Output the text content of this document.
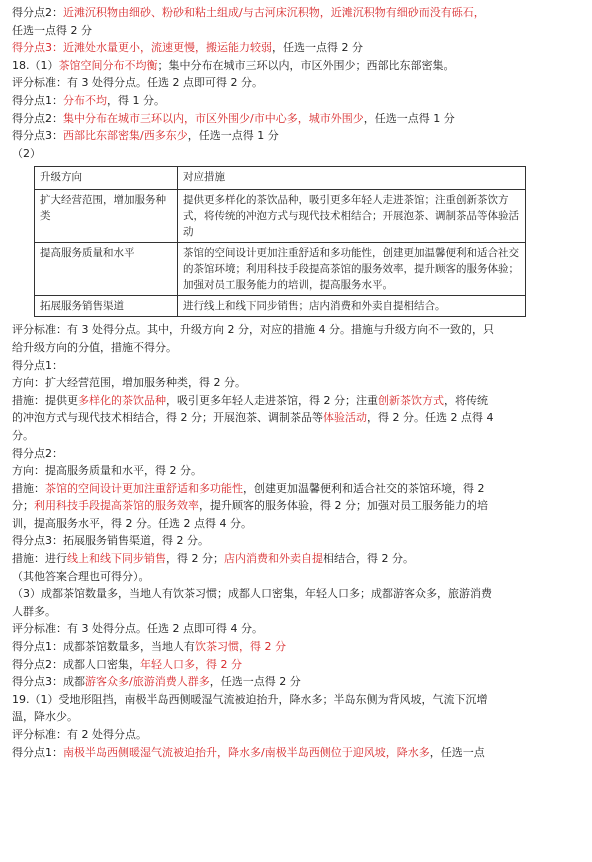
得分点2：近滩沉积物由细砂、粉砂和粘土组成/与古河床沉积物，近滩沉积物有细砂而没有砾石，
任选一点得 2 分
得分点3：近滩处水量更小，流速更慢，搬运能力较弱，任选一点得 2 分
18.（1）茶馆空间分布不均衡；集中分布在城市三环以内，市区外围少；西部比东部密集。
评分标准：有 3 处得分点。任选 2 点即可得 2 分。
得分点1：分布不均，得 1 分。
得分点2：集中分布在城市三环以内，市区外围少/市中心多，城市外围少，任选一点得 1 分
得分点3：西部比东部密集/西多东少，任选一点得 1 分
（2）
升级方向	对应措施
扩大经营范围，增加服务种类	提供更多样化的茶饮品种，吸引更多年轻人走进茶馆；注重创新茶饮方式，将传统的冲泡方式与现代技术相结合；开展泡茶、调制茶品等体验活动
提高服务质量和水平	茶馆的空间设计更加注重舒适和多功能性，创建更加温馨便利和适合社交的茶馆环境；利用科技手段提高茶馆的服务效率，提升顾客的服务体验；加强对员工服务能力的培训，提高服务水平。
拓展服务销售渠道	进行线上和线下同步销售；店内消费和外卖自提相结合。
评分标准：有 3 处得分点。其中，升级方向 2 分，对应的措施 4 分。措施与升级方向不一致的，只
给升级方向的分值，措施不得分。
得分点1：
方向：扩大经营范围，增加服务种类，得 2 分。
措施：提供更多样化的茶饮品种，吸引更多年轻人走进茶馆，得 2 分；注重创新茶饮方式，将传统
的冲泡方式与现代技术相结合，得 2 分；开展泡茶、调制茶品等体验活动，得 2 分。任选 2 点得 4
分。
得分点2：
方向：提高服务质量和水平，得 2 分。
措施：茶馆的空间设计更加注重舒适和多功能性，创建更加温馨便利和适合社交的茶馆环境，得 2
分；利用科技手段提高茶馆的服务效率，提升顾客的服务体验，得 2 分；加强对员工服务能力的培
训，提高服务水平，得 2 分。任选 2 点得 4 分。
得分点3：拓展服务销售渠道，得 2 分。
措施：进行线上和线下同步销售，得 2 分；店内消费和外卖自提相结合，得 2 分。
（其他答案合理也可得分）。
（3）成都茶馆数量多，当地人有饮茶习惯；成都人口密集，年轻人口多；成都游客众多，旅游消费
人群多。
评分标准：有 3 处得分点。任选 2 点即可得 4 分。
得分点1：成都茶馆数量多，当地人有饮茶习惯，得 2 分
得分点2：成都人口密集，年轻人口多，得 2 分
得分点3：成都游客众多/旅游消费人群多，任选一点得 2 分
19.（1）受地形阻挡，南极半岛西侧暖湿气流被迫抬升，降水多；半岛东侧为背风坡，气流下沉增
温，降水少。
评分标准：有 2 处得分点。
得分点1：南极半岛西侧暖湿气流被迫抬升，降水多/南极半岛西侧位于迎风坡，降水多，任选一点
